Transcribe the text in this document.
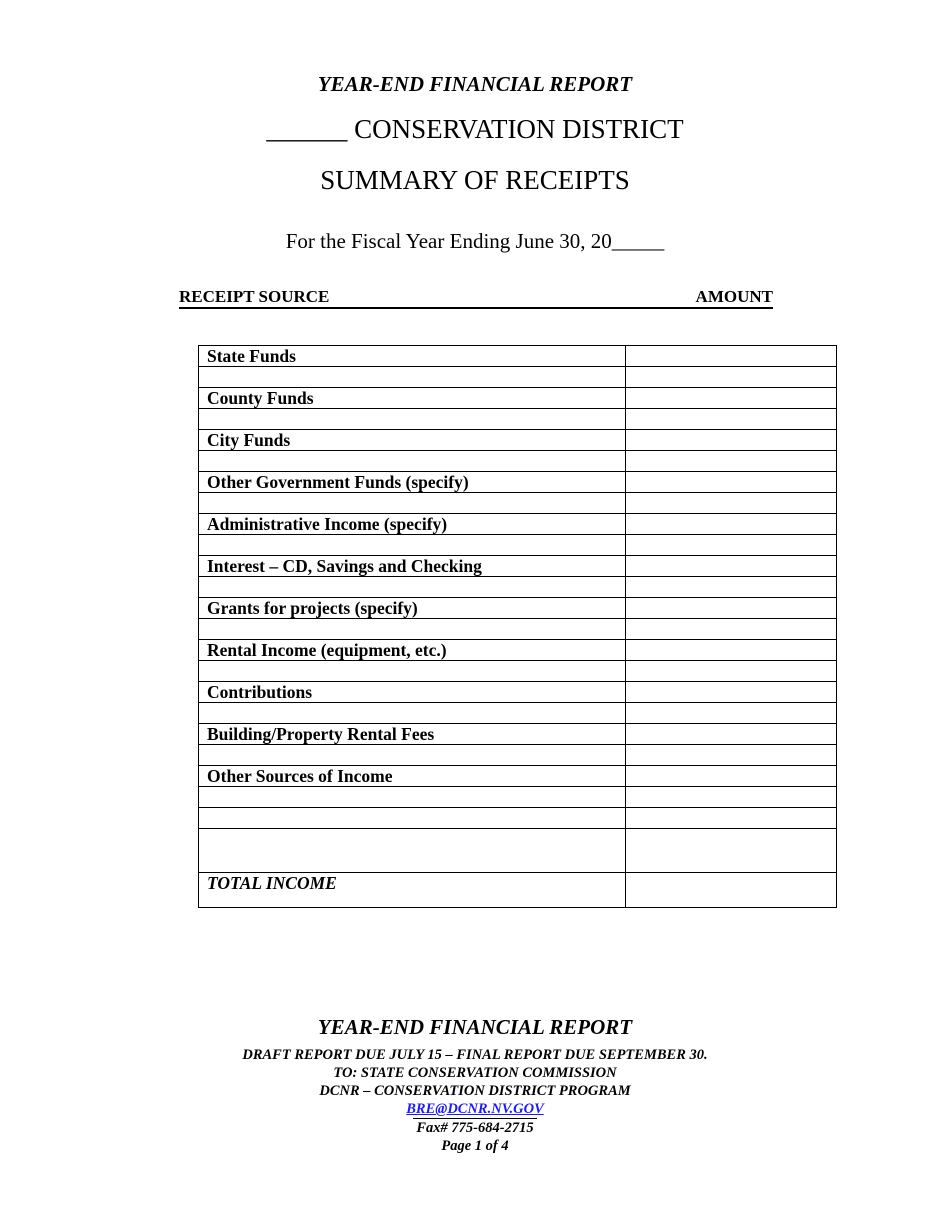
YEAR-END FINANCIAL REPORT
______ CONSERVATION DISTRICT
SUMMARY OF RECEIPTS
For the Fiscal Year Ending June 30, 20_____
RECEIPT SOURCE	AMOUNT
State Funds	

County Funds	

City Funds	

Other Government Funds (specify)	

Administrative Income (specify)	

Interest – CD, Savings and Checking	

Grants for projects (specify)	

Rental Income (equipment, etc.)	

Contributions	

Building/Property Rental Fees	

Other Sources of Income	

TOTAL INCOME	
YEAR-END FINANCIAL REPORT
DRAFT REPORT DUE JULY 15 – FINAL REPORT DUE SEPTEMBER 30.
TO: STATE CONSERVATION COMMISSION
DCNR – CONSERVATION DISTRICT PROGRAM
BRE@DCNR.NV.GOV
Fax# 775-684-2715
Page 1 of 4
